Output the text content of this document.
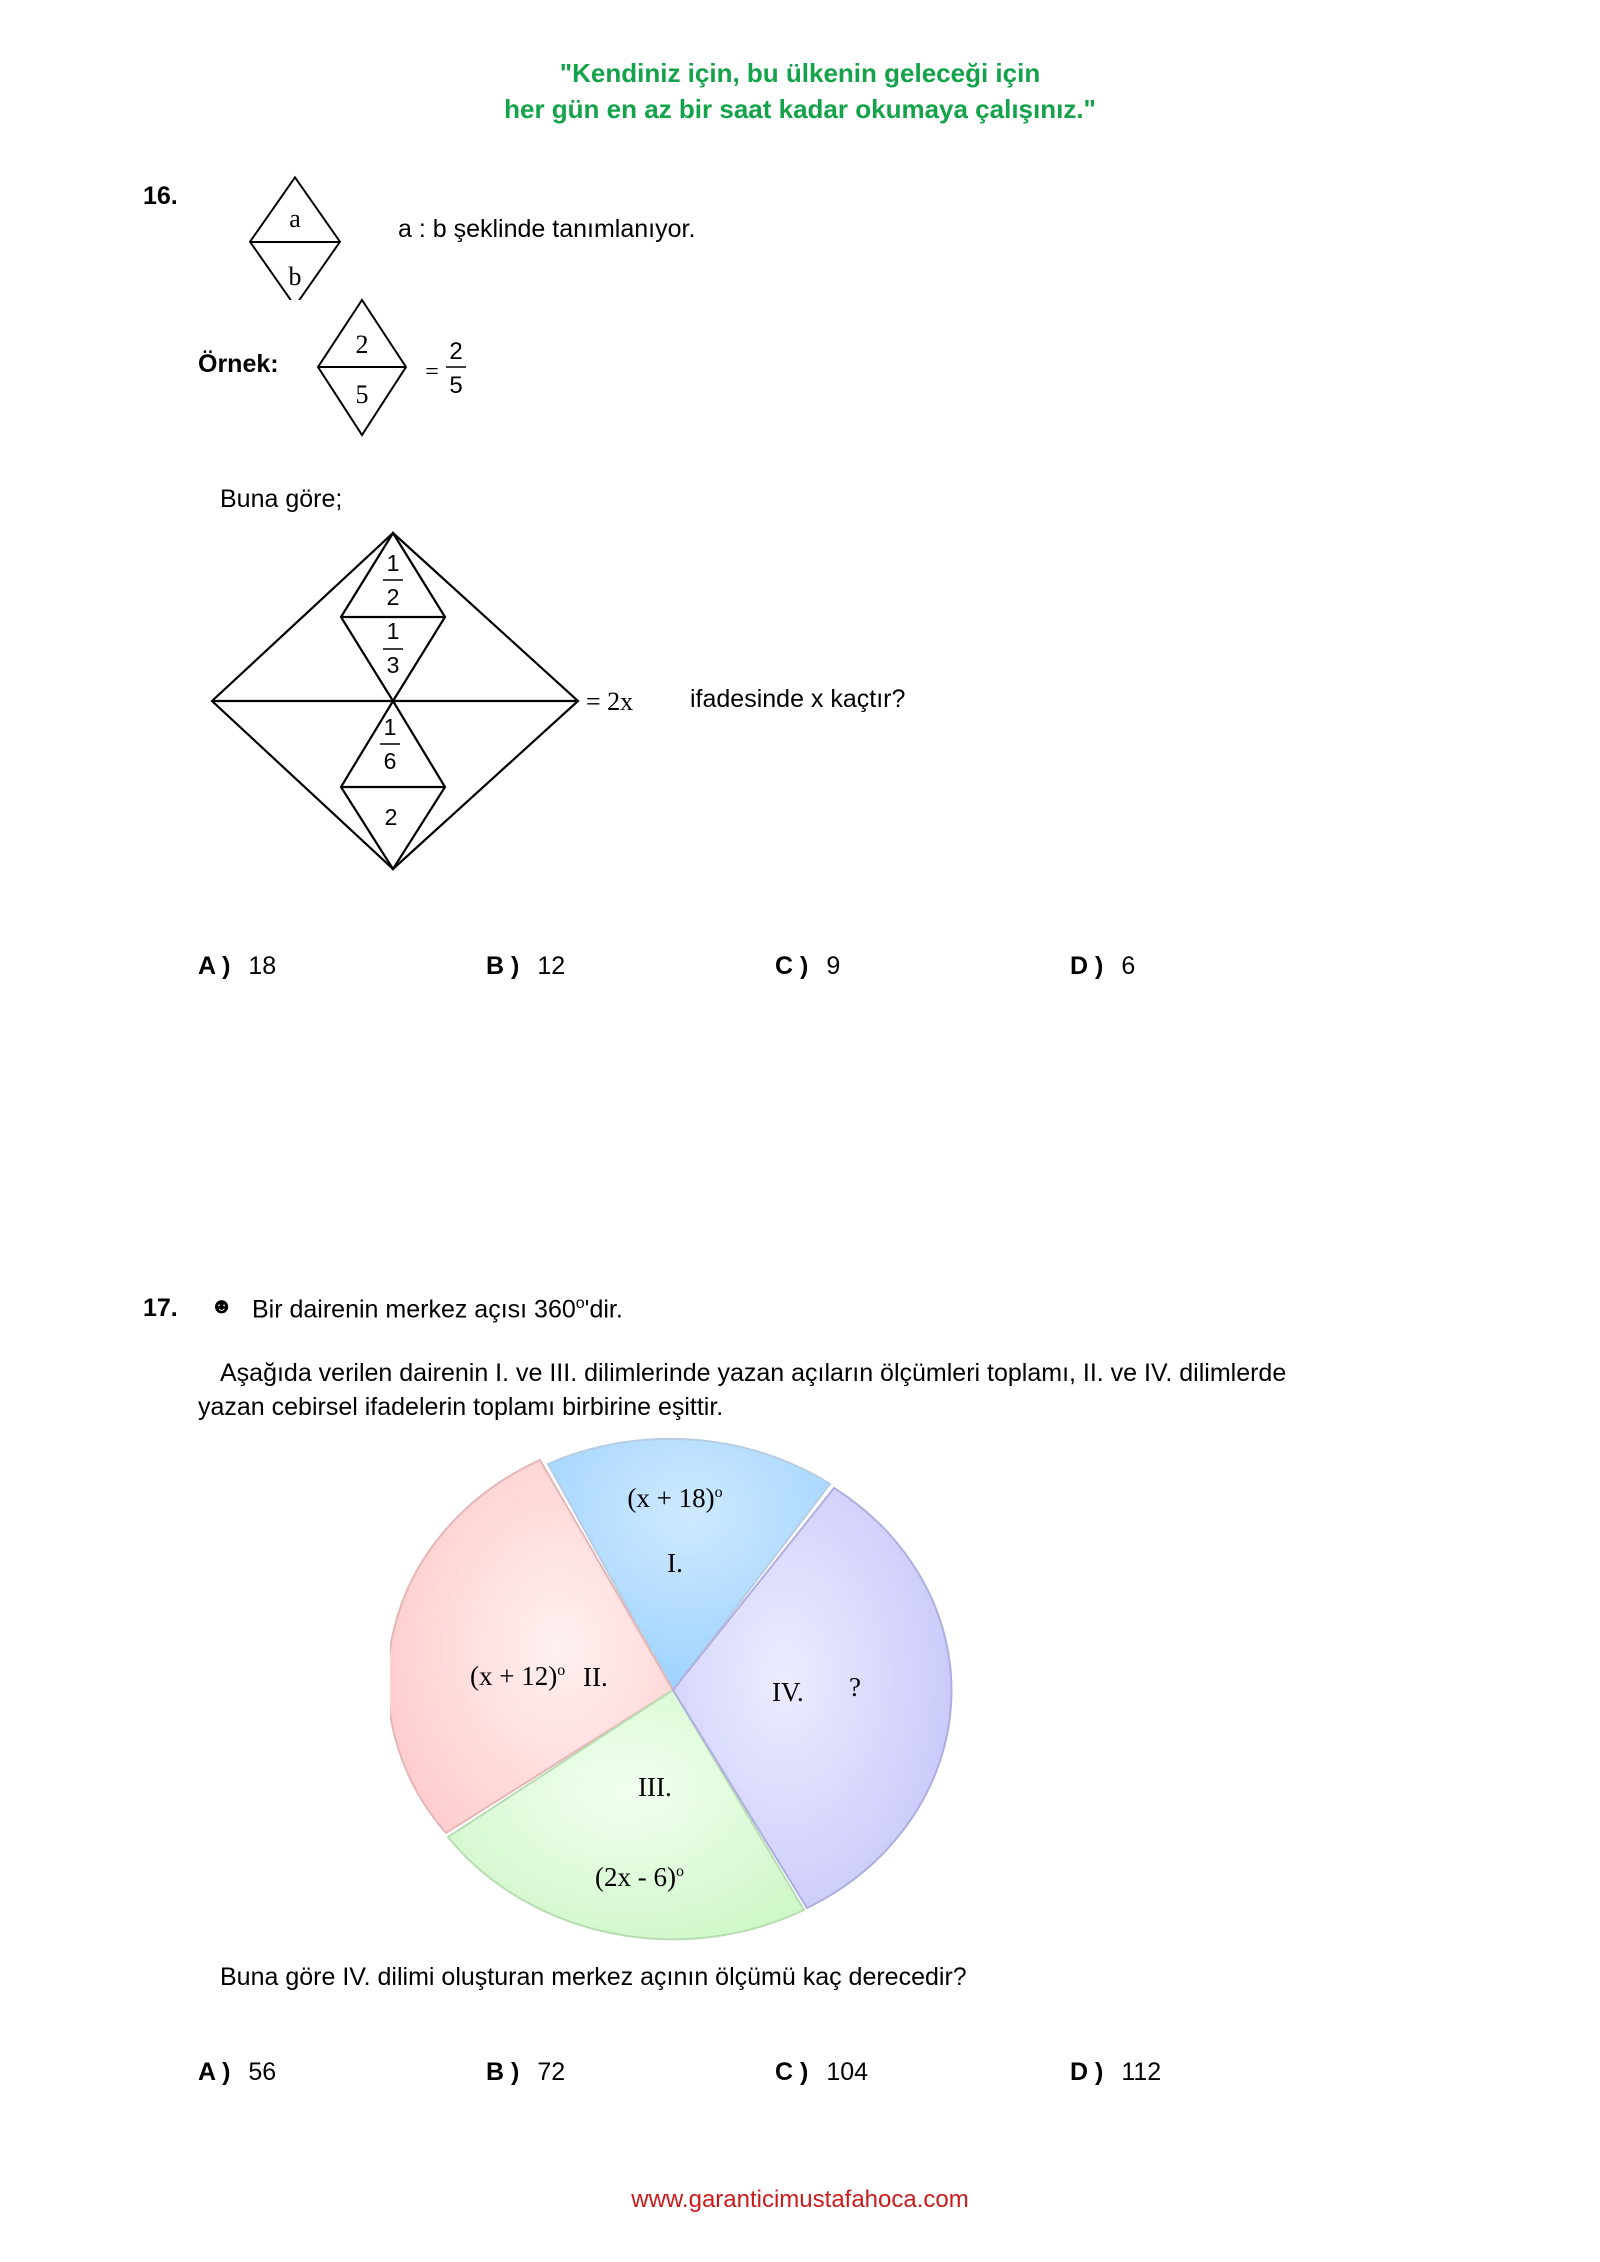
"Kendiniz için, bu ülkenin geleceği için
her gün en az bir saat kadar okumaya çalışınız."
16.
a
b
a : b şeklinde tanımlanıyor.
Örnek:
2
5
=
2
5
Buna göre;
1
2
1
3
1
6
2
= 2x ifadesinde x kaçtır?
A ) 18	B ) 12	C ) 9	D ) 6
17. ☻ Bir dairenin merkez açısı 360$^o$'dir.
Aşağıda verilen dairenin I. ve III. dilimlerinde yazan açıların ölçümleri toplamı, II. ve IV. dilimlerde
yazan cebirsel ifadelerin toplamı birbirine eşittir.
$(x + 18)^o$
I.
$(x + 12)^o$ II.
III.
(2x - 6)$^o$
IV. ?
Buna göre IV. dilimi oluşturan merkez açının ölçümü kaç derecedir?
A ) 56	B ) 72	C ) 104	D ) 112
www.garanticimustafahoca.com
